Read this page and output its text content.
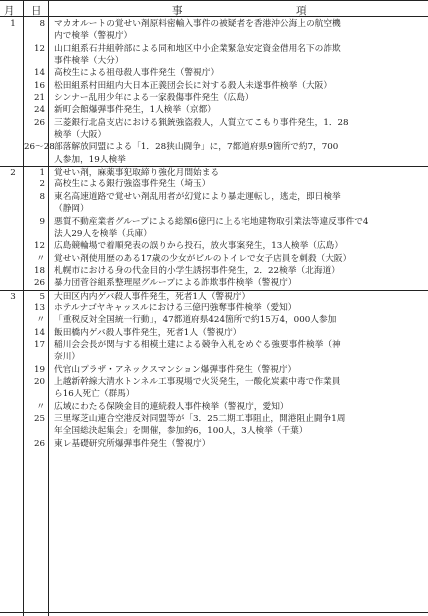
月 日	事	項
1	8 マカオルートの覚せい剤原料密輸入事件の被疑者を香港沖公海上の航空機
内で検挙（警視庁）
12 山口組系石井組幹部による同和地区中小企業緊急安定資金借用名下の詐欺
事件検挙（大分）
14 高校生による祖母殺人事件発生（警視庁）
16 松田組系村田組内大日本正義団会长に対する殺人未遂事件検挙（大阪）
21 シンナー乱用少年による一家殺傷事件発生（広島）
24 新町会館爆弾事件発生，1人検挙（京都）
26 三菱銀行北畠支店における猟銃強盗殺人，人質立てこもり事件発生，1．28
検挙（大阪）
26〜28 部落解放同盟による「1．28狭山闘争」に，7都道府県9箇所で約7，700
人参加，19人検挙
2	1 覚せい剤，麻薬事犯取締り強化月間始まる
2 高校生による銀行強盗事件発生（埼玉）
8 東名高速道路で覚せい剤乱用者が幻覚により暴走運転し，逃走，即日検挙
（静岡）
9 悪質不動産業者グループによる総額6億円に上る宅地建物取引業法等違反事件で4
法人29人を検挙（兵庫）
12 広島競輪場で着順発表の誤りから投石，放火事案発生，13人検挙（広島）
〃 覚せい剤使用歴のある17歳の少女がビルのトイレで女子店員を刺殺（大阪）
18 札幌市における身の代金目的小学生誘拐事件発生，2．22検挙（北海道）
26 暴力団菅谷組系整理屋グループによる詐欺事件検挙（警視庁）
3	5 大田区内内ゲバ殺人事件発生，死者1人（警視庁）
13 ホテルナゴヤキャッスルにおける三億円強奪事件検挙（愛知）
〃 「重税反対全国統一行動」，47都道府県424箇所で約15万4，000人参加
14 飯田橋内ゲバ殺人事件発生，死者1人（警視庁）
17 稲川会会長が関与する相模土建による競争入札をめぐる強要事件検挙（神
奈川）
19 代官山プラザ・アネックスマンション爆弾事件発生（警視庁）
20 上越新幹線大清水トンネル工事現場で火災発生，一酸化炭素中毒で作業員
ら16人死亡（群馬）
〃 広域にわたる保険金目的連続殺人事件検挙（警視庁，愛知）
25 三里塚芝山連合空港反対同盟等が「3．25二期工事阻止，開港阻止闘争1周
年全国総決起集会」を開催，参加約6，100人，3人検挙（千葉）
26 東レ基礎研究所爆弾事件発生（警視庁）
